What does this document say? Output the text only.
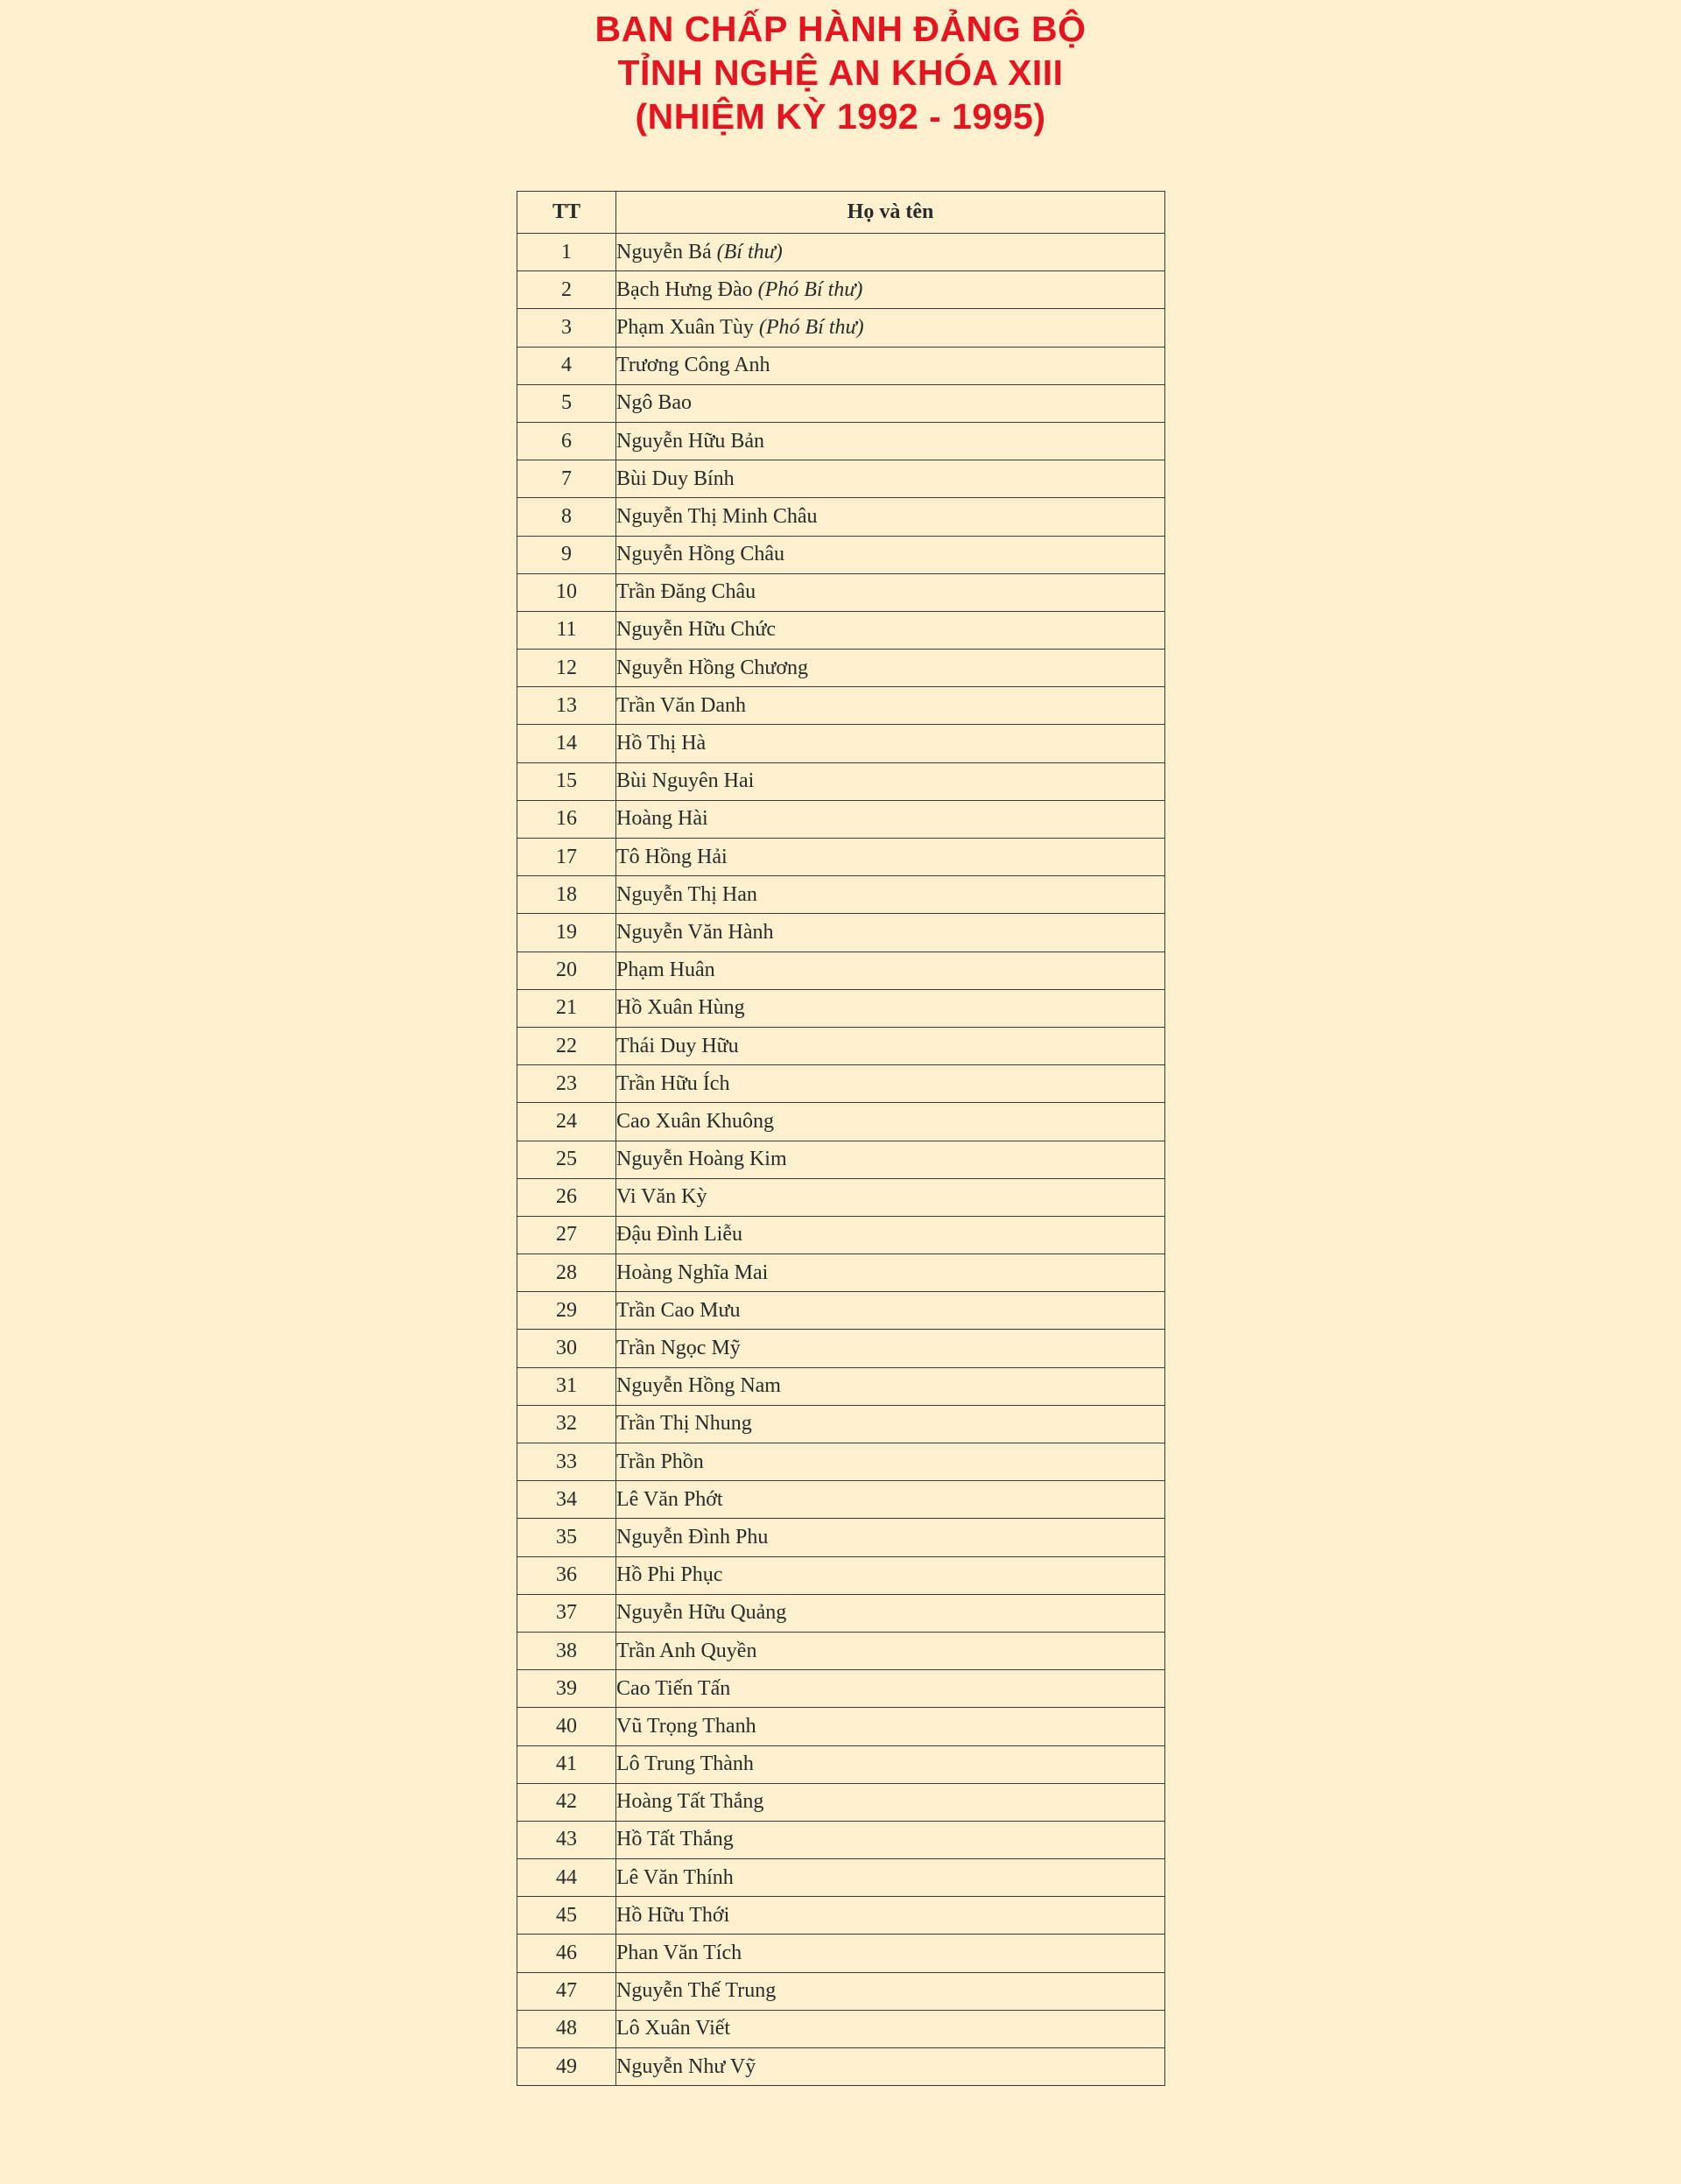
BAN CHẤP HÀNH ĐẢNG BỘ
TỈNH NGHỆ AN KHÓA XIII
(NHIỆM KỲ 1992 - 1995)
TT	Họ và tên
1	Nguyễn Bá (Bí thư)
2	Bạch Hưng Đào (Phó Bí thư)
3	Phạm Xuân Tùy (Phó Bí thư)
4	Trương Công Anh
5	Ngô Bao
6	Nguyễn Hữu Bản
7	Bùi Duy Bính
8	Nguyễn Thị Minh Châu
9	Nguyễn Hồng Châu
10	Trần Đăng Châu
11	Nguyễn Hữu Chức
12	Nguyễn Hồng Chương
13	Trần Văn Danh
14	Hồ Thị Hà
15	Bùi Nguyên Hai
16	Hoàng Hài
17	Tô Hồng Hải
18	Nguyễn Thị Han
19	Nguyễn Văn Hành
20	Phạm Huân
21	Hồ Xuân Hùng
22	Thái Duy Hữu
23	Trần Hữu Ích
24	Cao Xuân Khuông
25	Nguyễn Hoàng Kim
26	Vi Văn Kỳ
27	Đậu Đình Liễu
28	Hoàng Nghĩa Mai
29	Trần Cao Mưu
30	Trần Ngọc Mỹ
31	Nguyễn Hồng Nam
32	Trần Thị Nhung
33	Trần Phồn
34	Lê Văn Phớt
35	Nguyễn Đình Phu
36	Hồ Phi Phục
37	Nguyễn Hữu Quảng
38	Trần Anh Quyền
39	Cao Tiến Tấn
40	Vũ Trọng Thanh
41	Lô Trung Thành
42	Hoàng Tất Thắng
43	Hồ Tất Thắng
44	Lê Văn Thính
45	Hồ Hữu Thới
46	Phan Văn Tích
47	Nguyễn Thế Trung
48	Lô Xuân Viết
49	Nguyễn Như Vỹ
